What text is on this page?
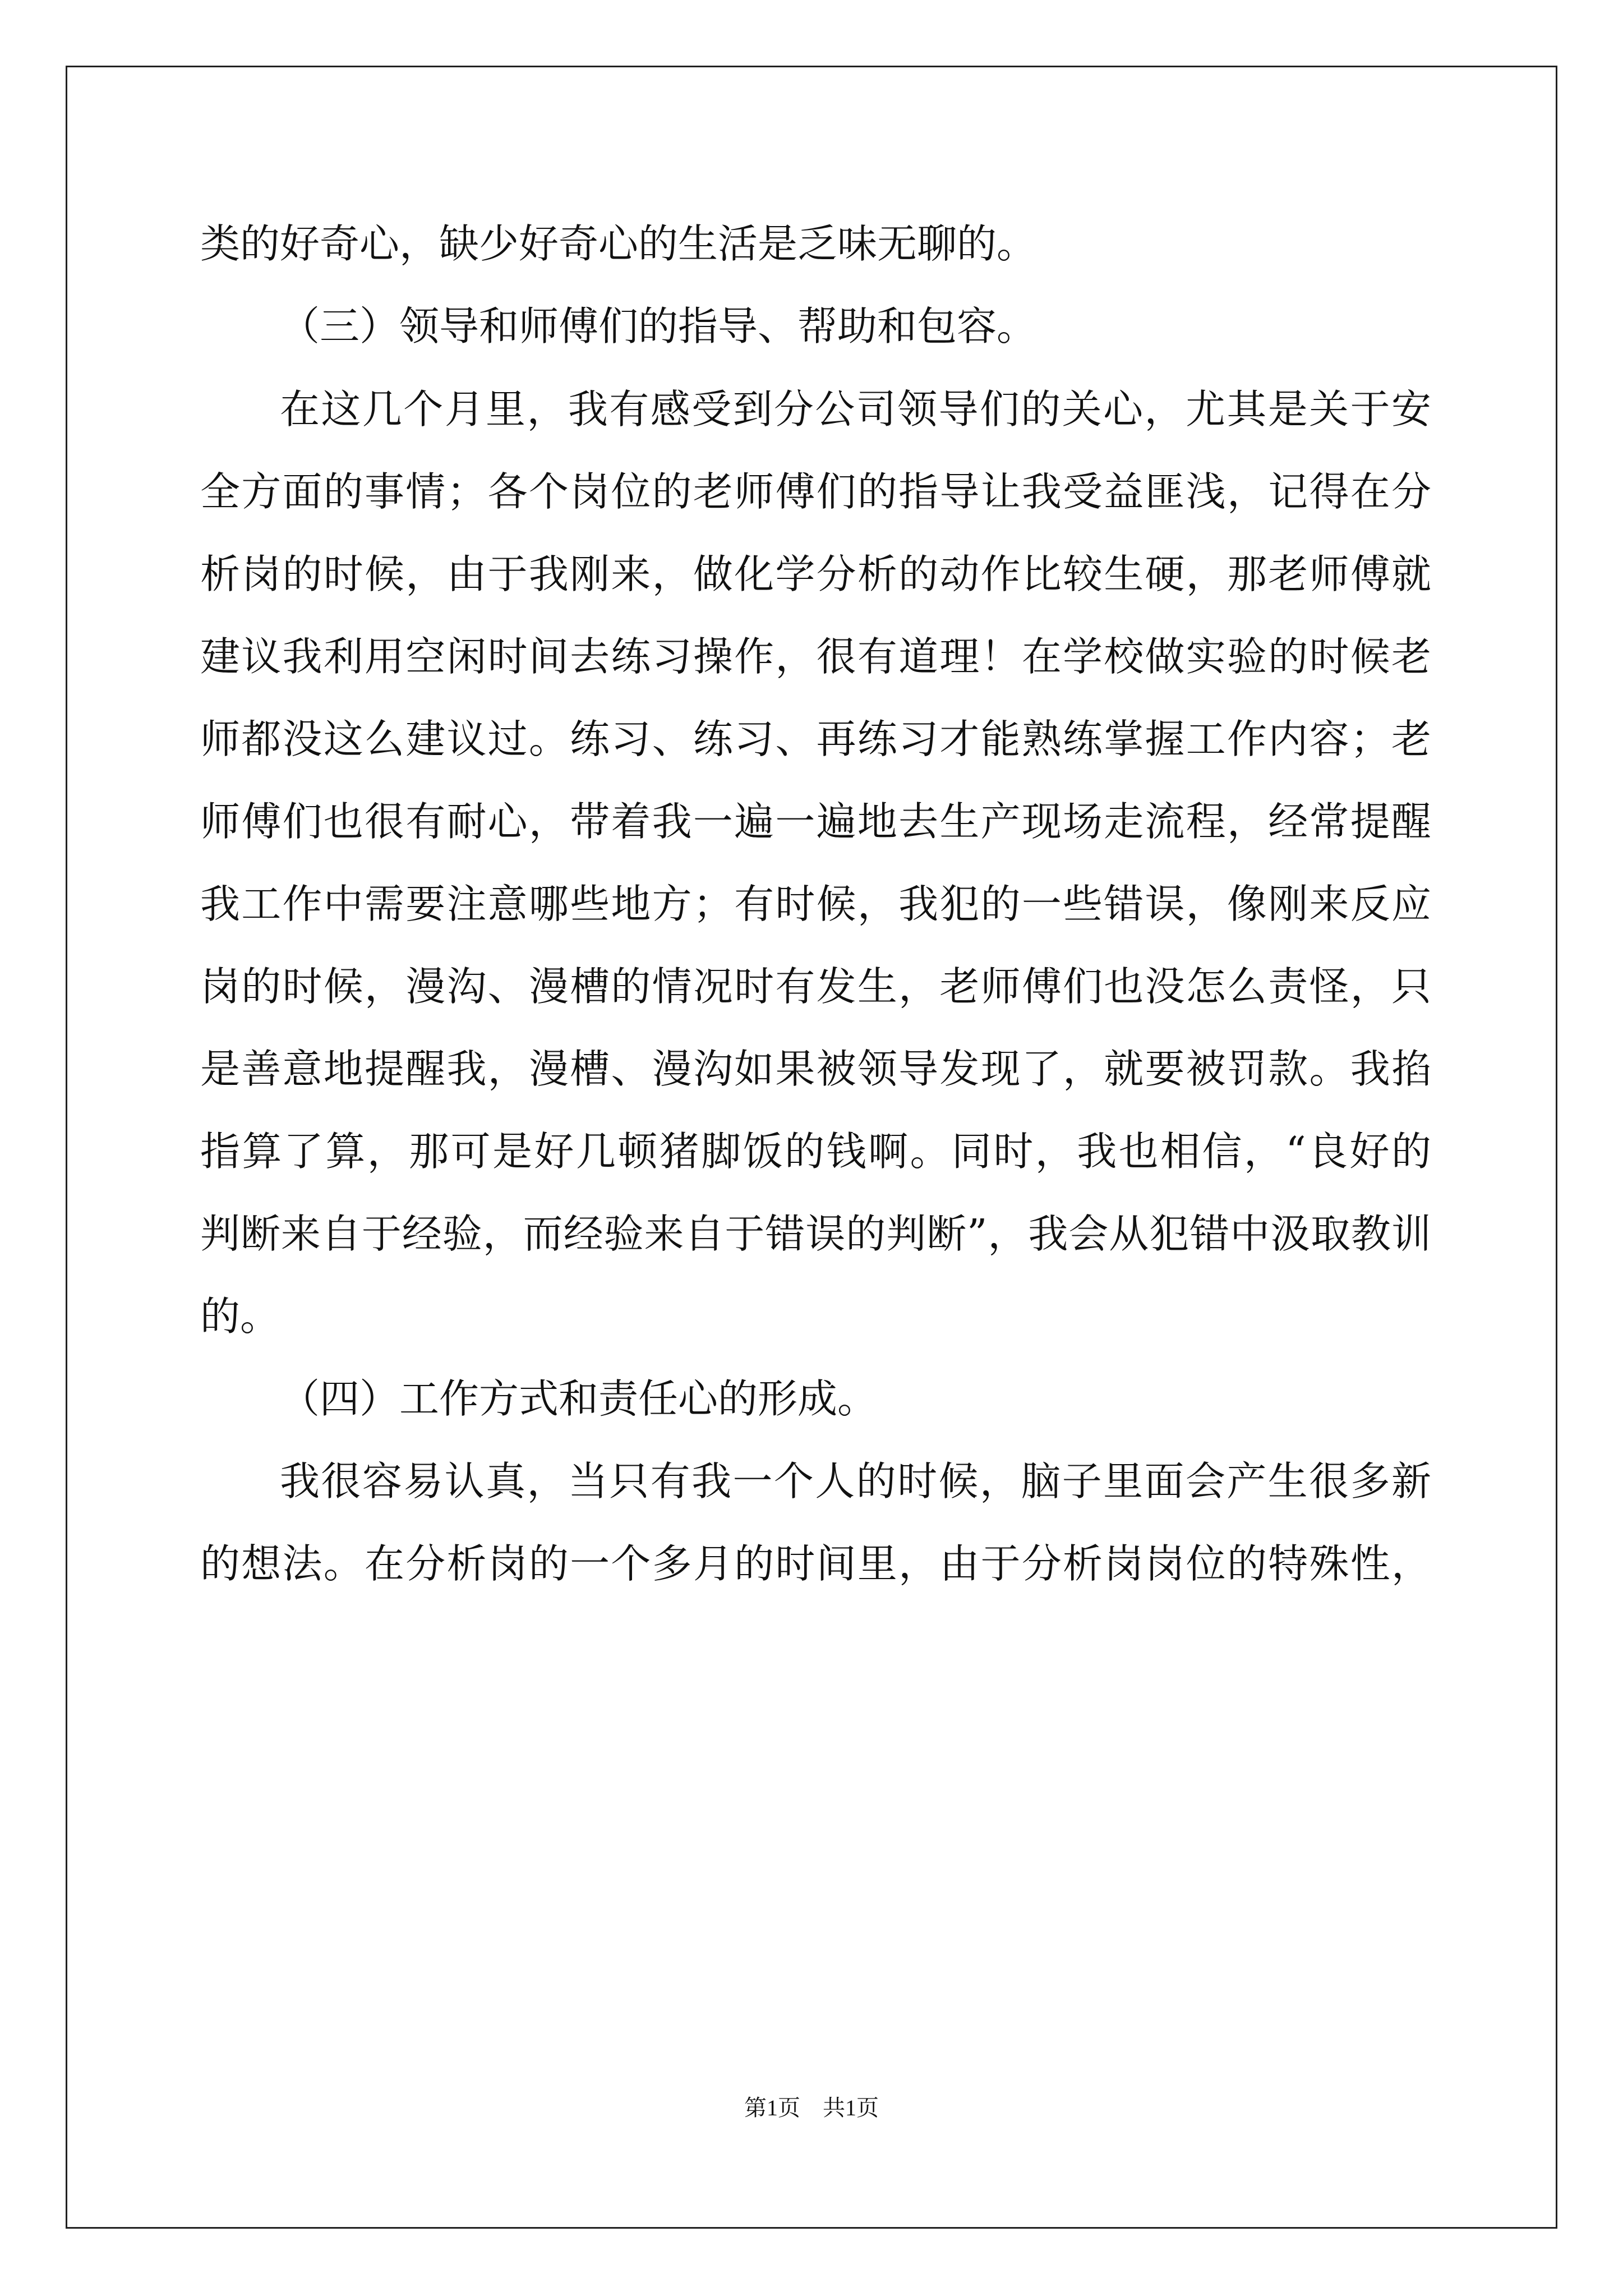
类的好奇心，缺少好奇心的生活是乏味无聊的。
（三）领导和师傅们的指导、帮助和包容。
在这几个月里，我有感受到分公司领导们的关心，尤其是关于安
全方面的事情；各个岗位的老师傅们的指导让我受益匪浅，记得在分
析岗的时候，由于我刚来，做化学分析的动作比较生硬，那老师傅就
建议我利用空闲时间去练习操作，很有道理！在学校做实验的时候老
师都没这么建议过。练习、练习、再练习才能熟练掌握工作内容；老
师傅们也很有耐心，带着我一遍一遍地去生产现场走流程，经常提醒
我工作中需要注意哪些地方；有时候，我犯的一些错误，像刚来反应
岗的时候，漫沟、漫槽的情况时有发生，老师傅们也没怎么责怪，只
是善意地提醒我，漫槽、漫沟如果被领导发现了，就要被罚款。我掐
指算了算，那可是好几顿猪脚饭的钱啊。同时，我也相信，“良好的
判断来自于经验，而经验来自于错误的判断”，我会从犯错中汲取教训
的。
（四）工作方式和责任心的形成。
我很容易认真，当只有我一个人的时候，脑子里面会产生很多新
的想法。在分析岗的一个多月的时间里，由于分析岗岗位的特殊性，
第1页　共1页
